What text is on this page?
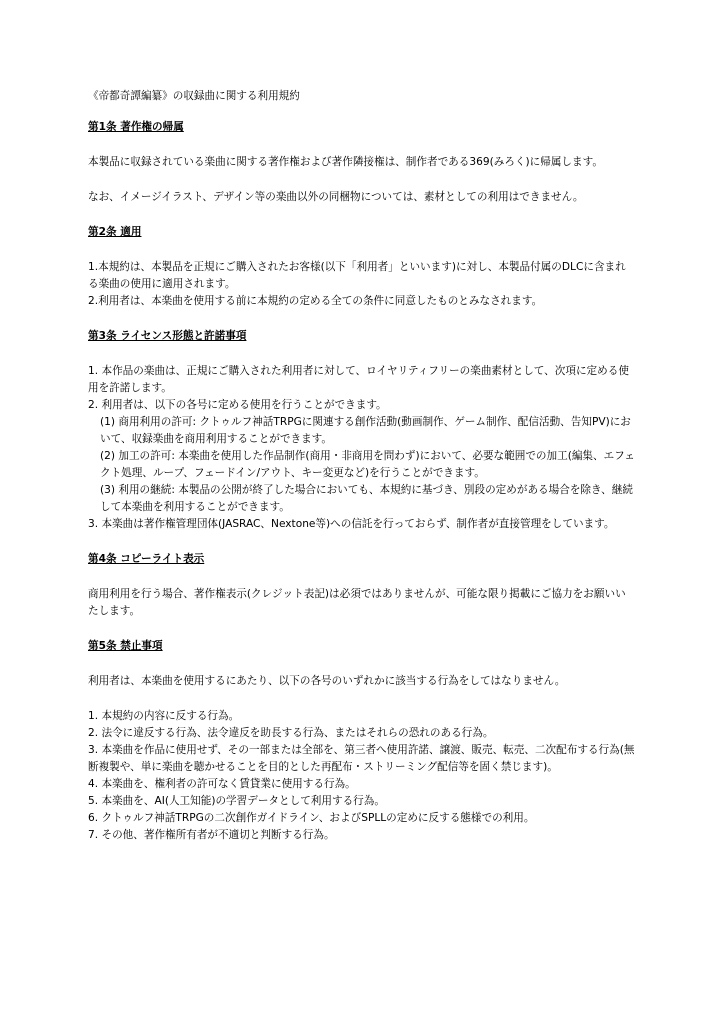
《帝都奇譚編纂》の収録曲に関する利用規約

第1条 著作権の帰属

本製品に収録されている楽曲に関する著作権および著作隣接権は、制作者である369(みろく)に帰属します。

なお、イメージイラスト、デザイン等の楽曲以外の同梱物については、素材としての利用はできません。

第2条 適用

1.本規約は、本製品を正規にご購入されたお客様(以下「利用者」といいます)に対し、本製品付属のDLCに含まれる楽曲の使用に適用されます。

2.利用者は、本楽曲を使用する前に本規約の定める全ての条件に同意したものとみなされます。

第3条 ライセンス形態と許諾事項

1. 本作品の楽曲は、正規にご購入された利用者に対して、ロイヤリティフリーの楽曲素材として、次項に定める使用を許諾します。

2. 利用者は、以下の各号に定める使用を行うことができます。

(1) 商用利用の許可: クトゥルフ神話TRPGに関連する創作活動(動画制作、ゲーム制作、配信活動、告知PV)において、収録楽曲を商用利用することができます。

(2) 加工の許可: 本楽曲を使用した作品制作(商用・非商用を問わず)において、必要な範囲での加工(編集、エフェクト処理、ループ、フェードイン/アウト、キー変更など)を行うことができます。

(3) 利用の継続: 本製品の公開が終了した場合においても、本規約に基づき、別段の定めがある場合を除き、継続して本楽曲を利用することができます。

3. 本楽曲は著作権管理団体(JASRAC、Nextone等)への信託を行っておらず、制作者が直接管理をしています。

第4条 コピーライト表示

商用利用を行う場合、著作権表示(クレジット表記)は必須ではありませんが、可能な限り掲載にご協力をお願いいたします。

第5条 禁止事項

利用者は、本楽曲を使用するにあたり、以下の各号のいずれかに該当する行為をしてはなりません。

1. 本規約の内容に反する行為。

2. 法令に違反する行為、法令違反を助長する行為、またはそれらの恐れのある行為。

3. 本楽曲を作品に使用せず、その一部または全部を、第三者へ使用許諾、譲渡、販売、転売、二次配布する行為(無断複製や、単に楽曲を聴かせることを目的とした再配布・ストリーミング配信等を固く禁じます)。

4. 本楽曲を、権利者の許可なく賃貸業に使用する行為。

5. 本楽曲を、AI(人工知能)の学習データとして利用する行為。

6. クトゥルフ神話TRPGの二次創作ガイドライン、およびSPLLの定めに反する態様での利用。

7. その他、著作権所有者が不適切と判断する行為。
